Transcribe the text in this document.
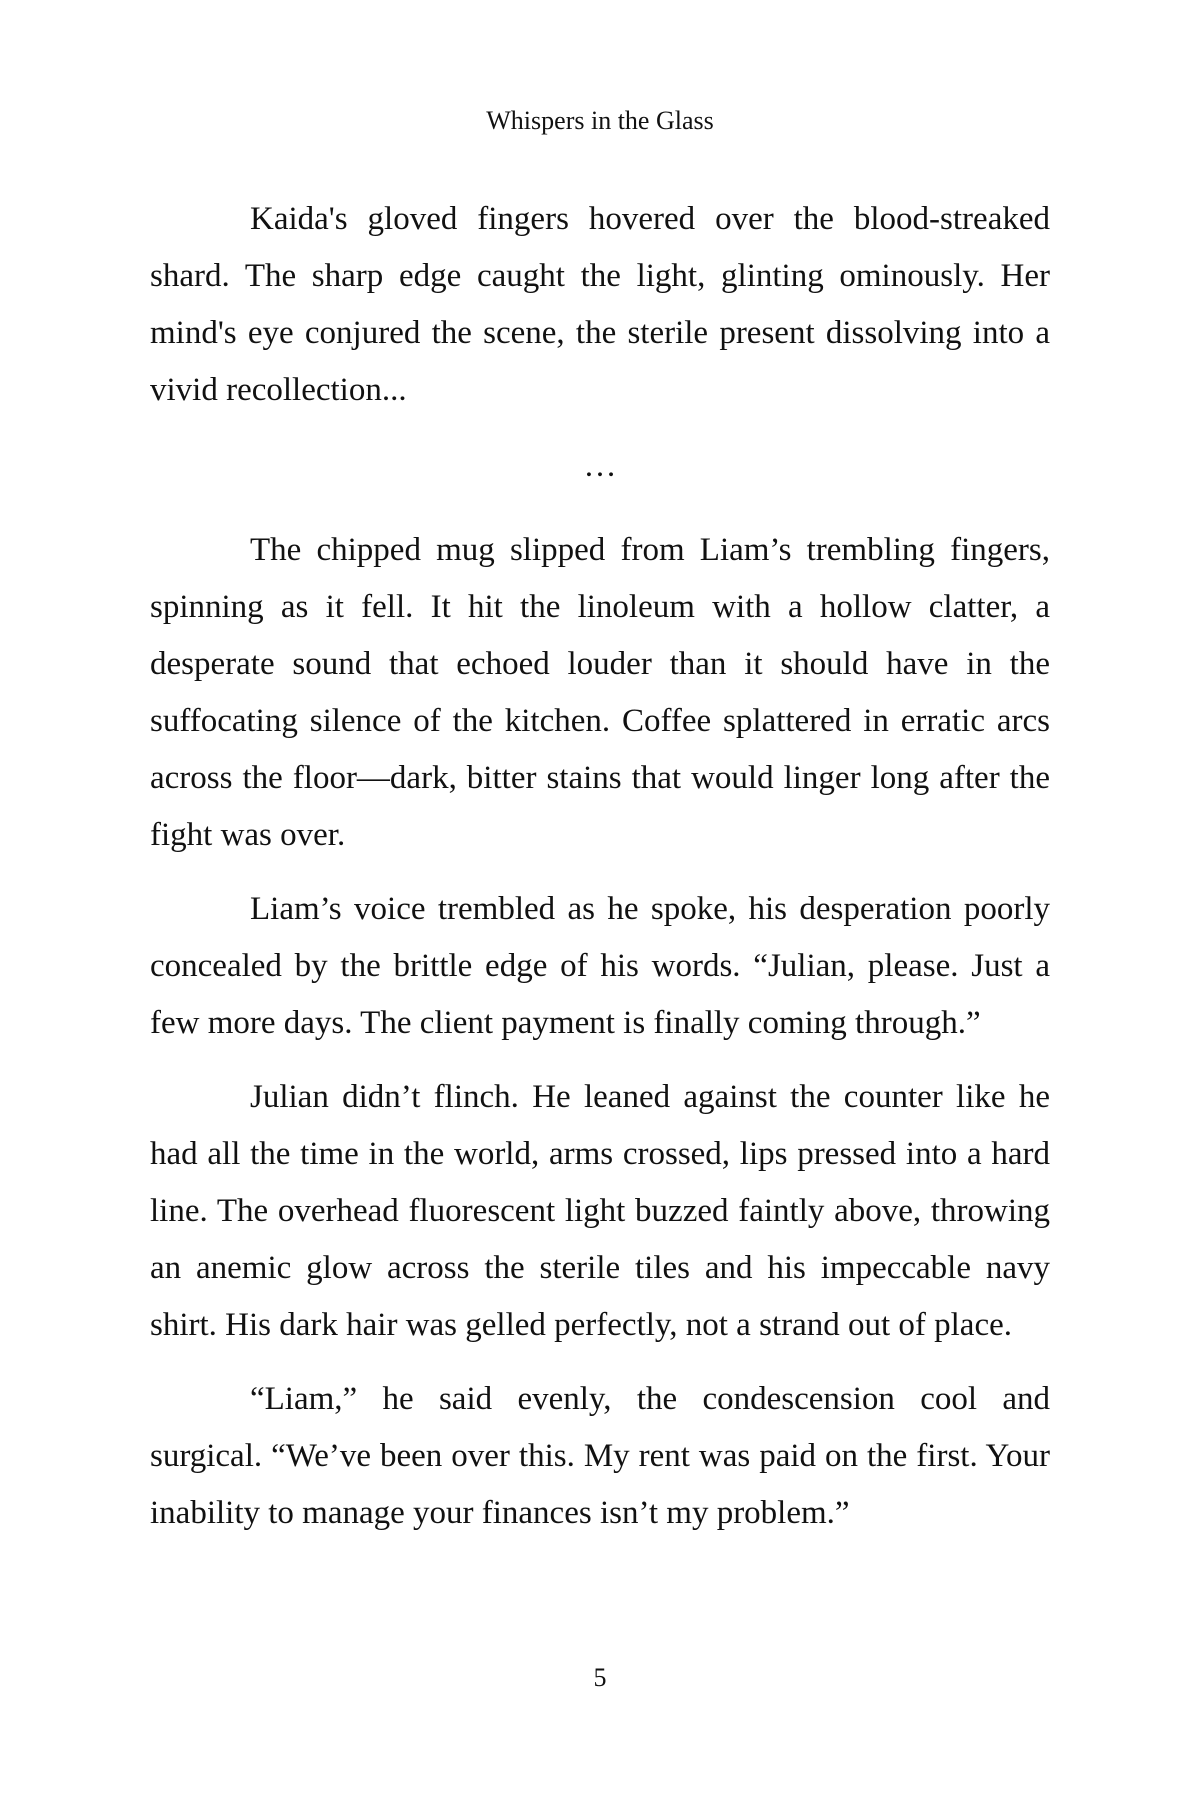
Whispers in the Glass

Kaida's gloved fingers hovered over the blood-streaked shard. The sharp edge caught the light, glinting ominously. Her mind's eye conjured the scene, the sterile present dissolving into a vivid recollection...

…

The chipped mug slipped from Liam’s trembling fingers, spinning as it fell. It hit the linoleum with a hollow clatter, a desperate sound that echoed louder than it should have in the suffocating silence of the kitchen. Coffee splattered in erratic arcs across the floor—dark, bitter stains that would linger long after the fight was over.

Liam’s voice trembled as he spoke, his desperation poorly concealed by the brittle edge of his words. “Julian, please. Just a few more days. The client payment is finally coming through.”

Julian didn’t flinch. He leaned against the counter like he had all the time in the world, arms crossed, lips pressed into a hard line. The overhead fluorescent light buzzed faintly above, throwing an anemic glow across the sterile tiles and his impeccable navy shirt. His dark hair was gelled perfectly, not a strand out of place.

“Liam,” he said evenly, the condescension cool and surgical. “We’ve been over this. My rent was paid on the first. Your inability to manage your finances isn’t my problem.”

5
